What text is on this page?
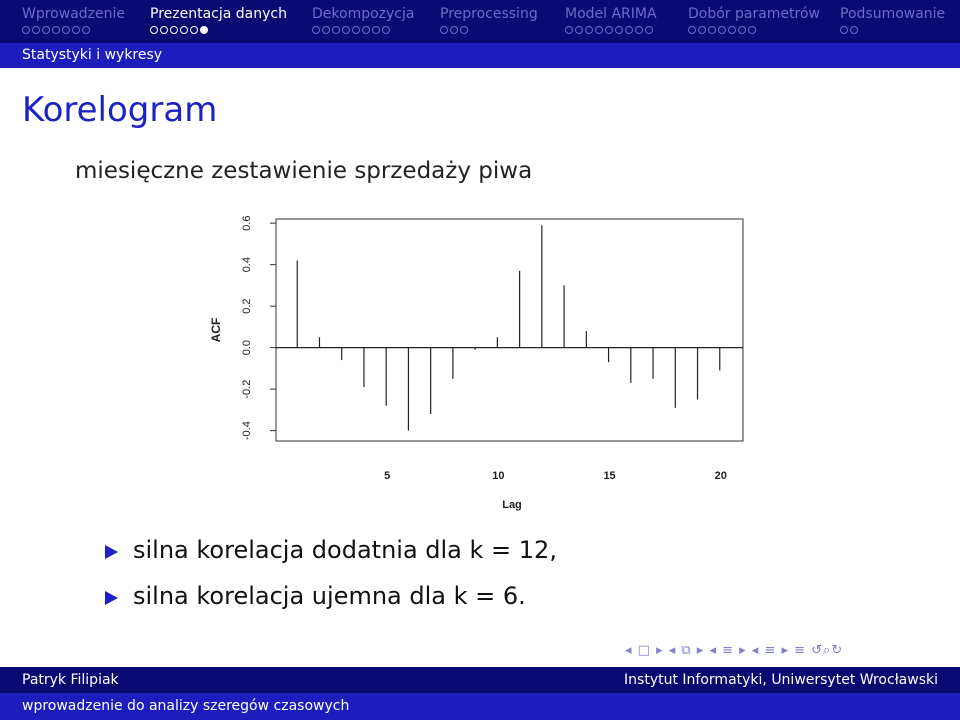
Wprowadzenie Prezentacja danych Dekompozycja Preprocessing Model ARIMA Dobór parametrów Podsumowanie
Statystyki i wykresy
Korelogram
miesięczne zestawienie sprzedaży piwa
-0.4
-0.2
0.0
0.2
0.4
0.6
5	10	15	20
Lag
ACF
silna korelacja dodatnia dla k = 12,
silna korelacja ujemna dla k = 6.
◂ □ ▸ ◂ ⧉ ▸ ◂ ≡ ▸ ◂ ≡ ▸ ≡ ↺⌕↻
Patryk Filipiak	Instytut Informatyki, Uniwersytet Wrocławski
wprowadzenie do analizy szeregów czasowych
